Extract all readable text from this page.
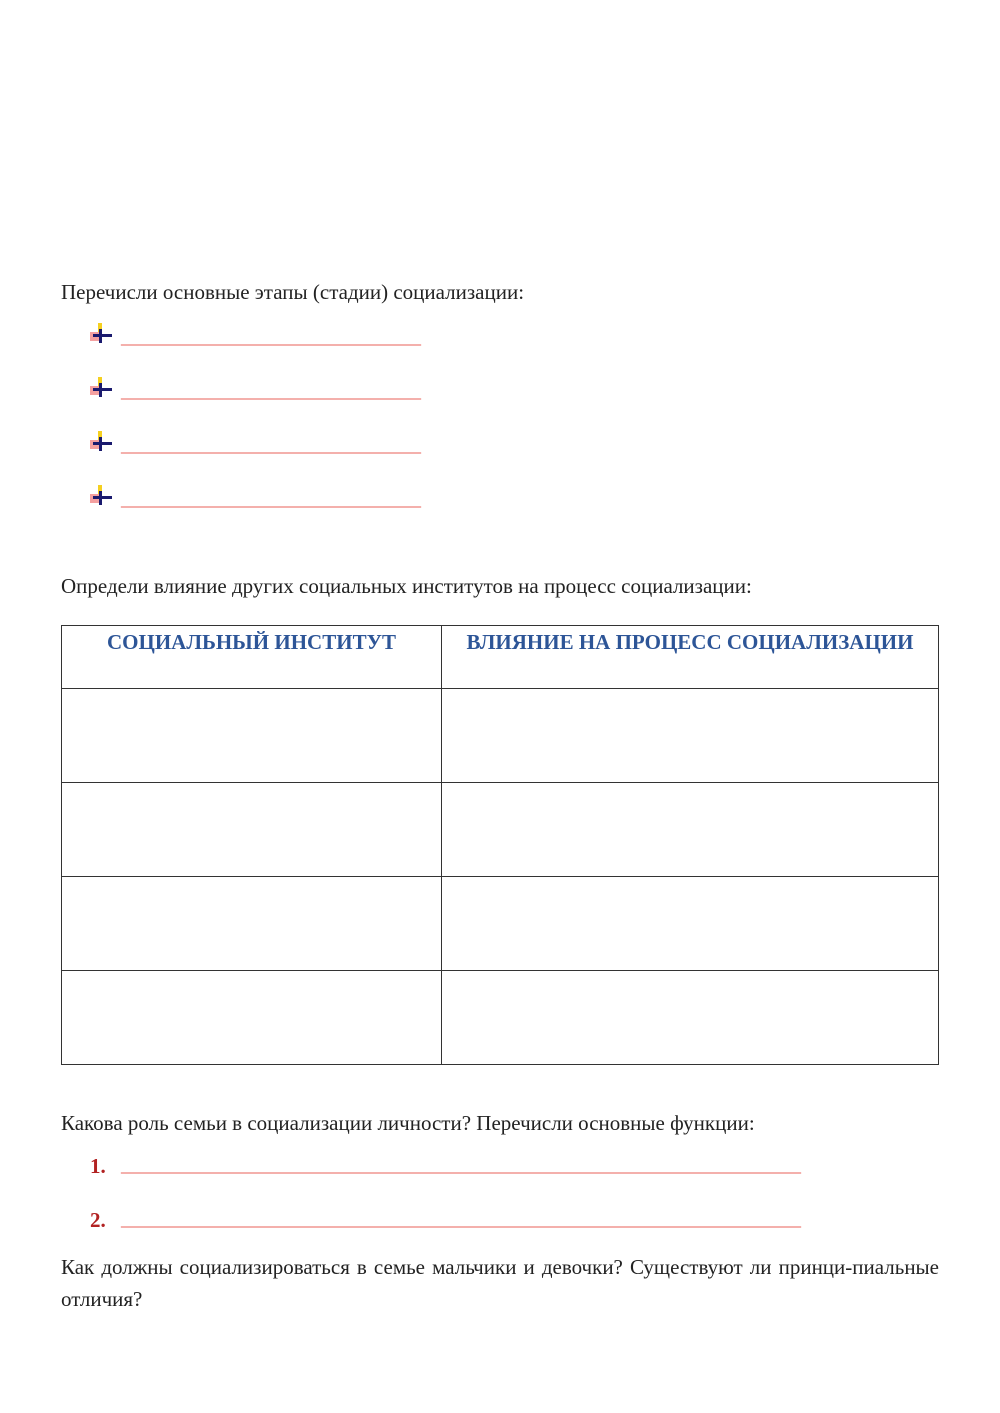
Перечисли основные этапы (стадии) социализации:

______________________________
______________________________
______________________________
______________________________

Определи влияние других социальных институтов на процесс социализации:

СОЦИАЛЬНЫЙ ИНСТИТУТ	ВЛИЯНИЕ НА ПРОЦЕСС СОЦИАЛИЗАЦИИ

Какова роль семьи в социализации личности? Перечисли основные функции:

1. ____________________________________________________________________
2. ____________________________________________________________________

Как должны социализироваться в семье мальчики и девочки? Существуют ли принци-пиальные отличия?
